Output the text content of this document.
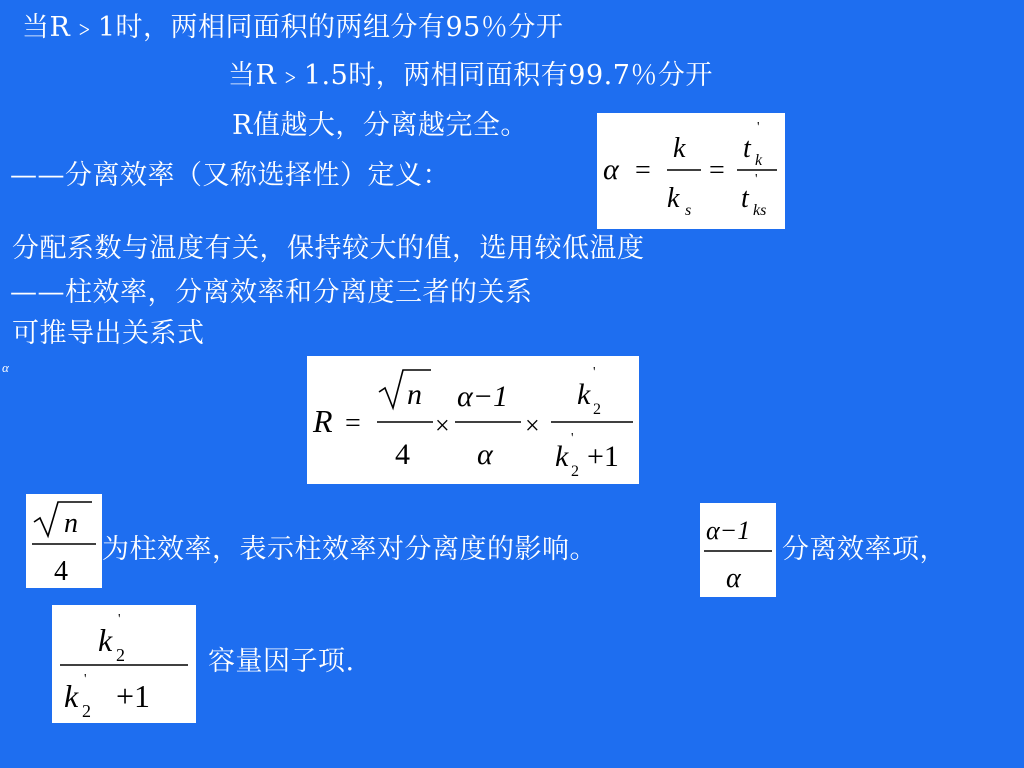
当R﹥1时，两相同面积的两组分有95％分开
当R﹥1.5时，两相同面积有99.7％分开
R值越大，分离越完全。
——分离效率（又称选择性）定义：	α =
k
k s
=
t
'
k
t
'
ks
分配系数与温度有关，保持较大的值，选用较低温度
——柱效率，分离效率和分离度三者的关系
可推导出关系式
α
R =
n
4
×
α−1
α
×
k
'
2
k
'
2 +1
n
4
为柱效率，表示柱效率对分离度的影响。
α−1
α
分离效率项，
k
'
2
k '
2 +1
容量因子项.
